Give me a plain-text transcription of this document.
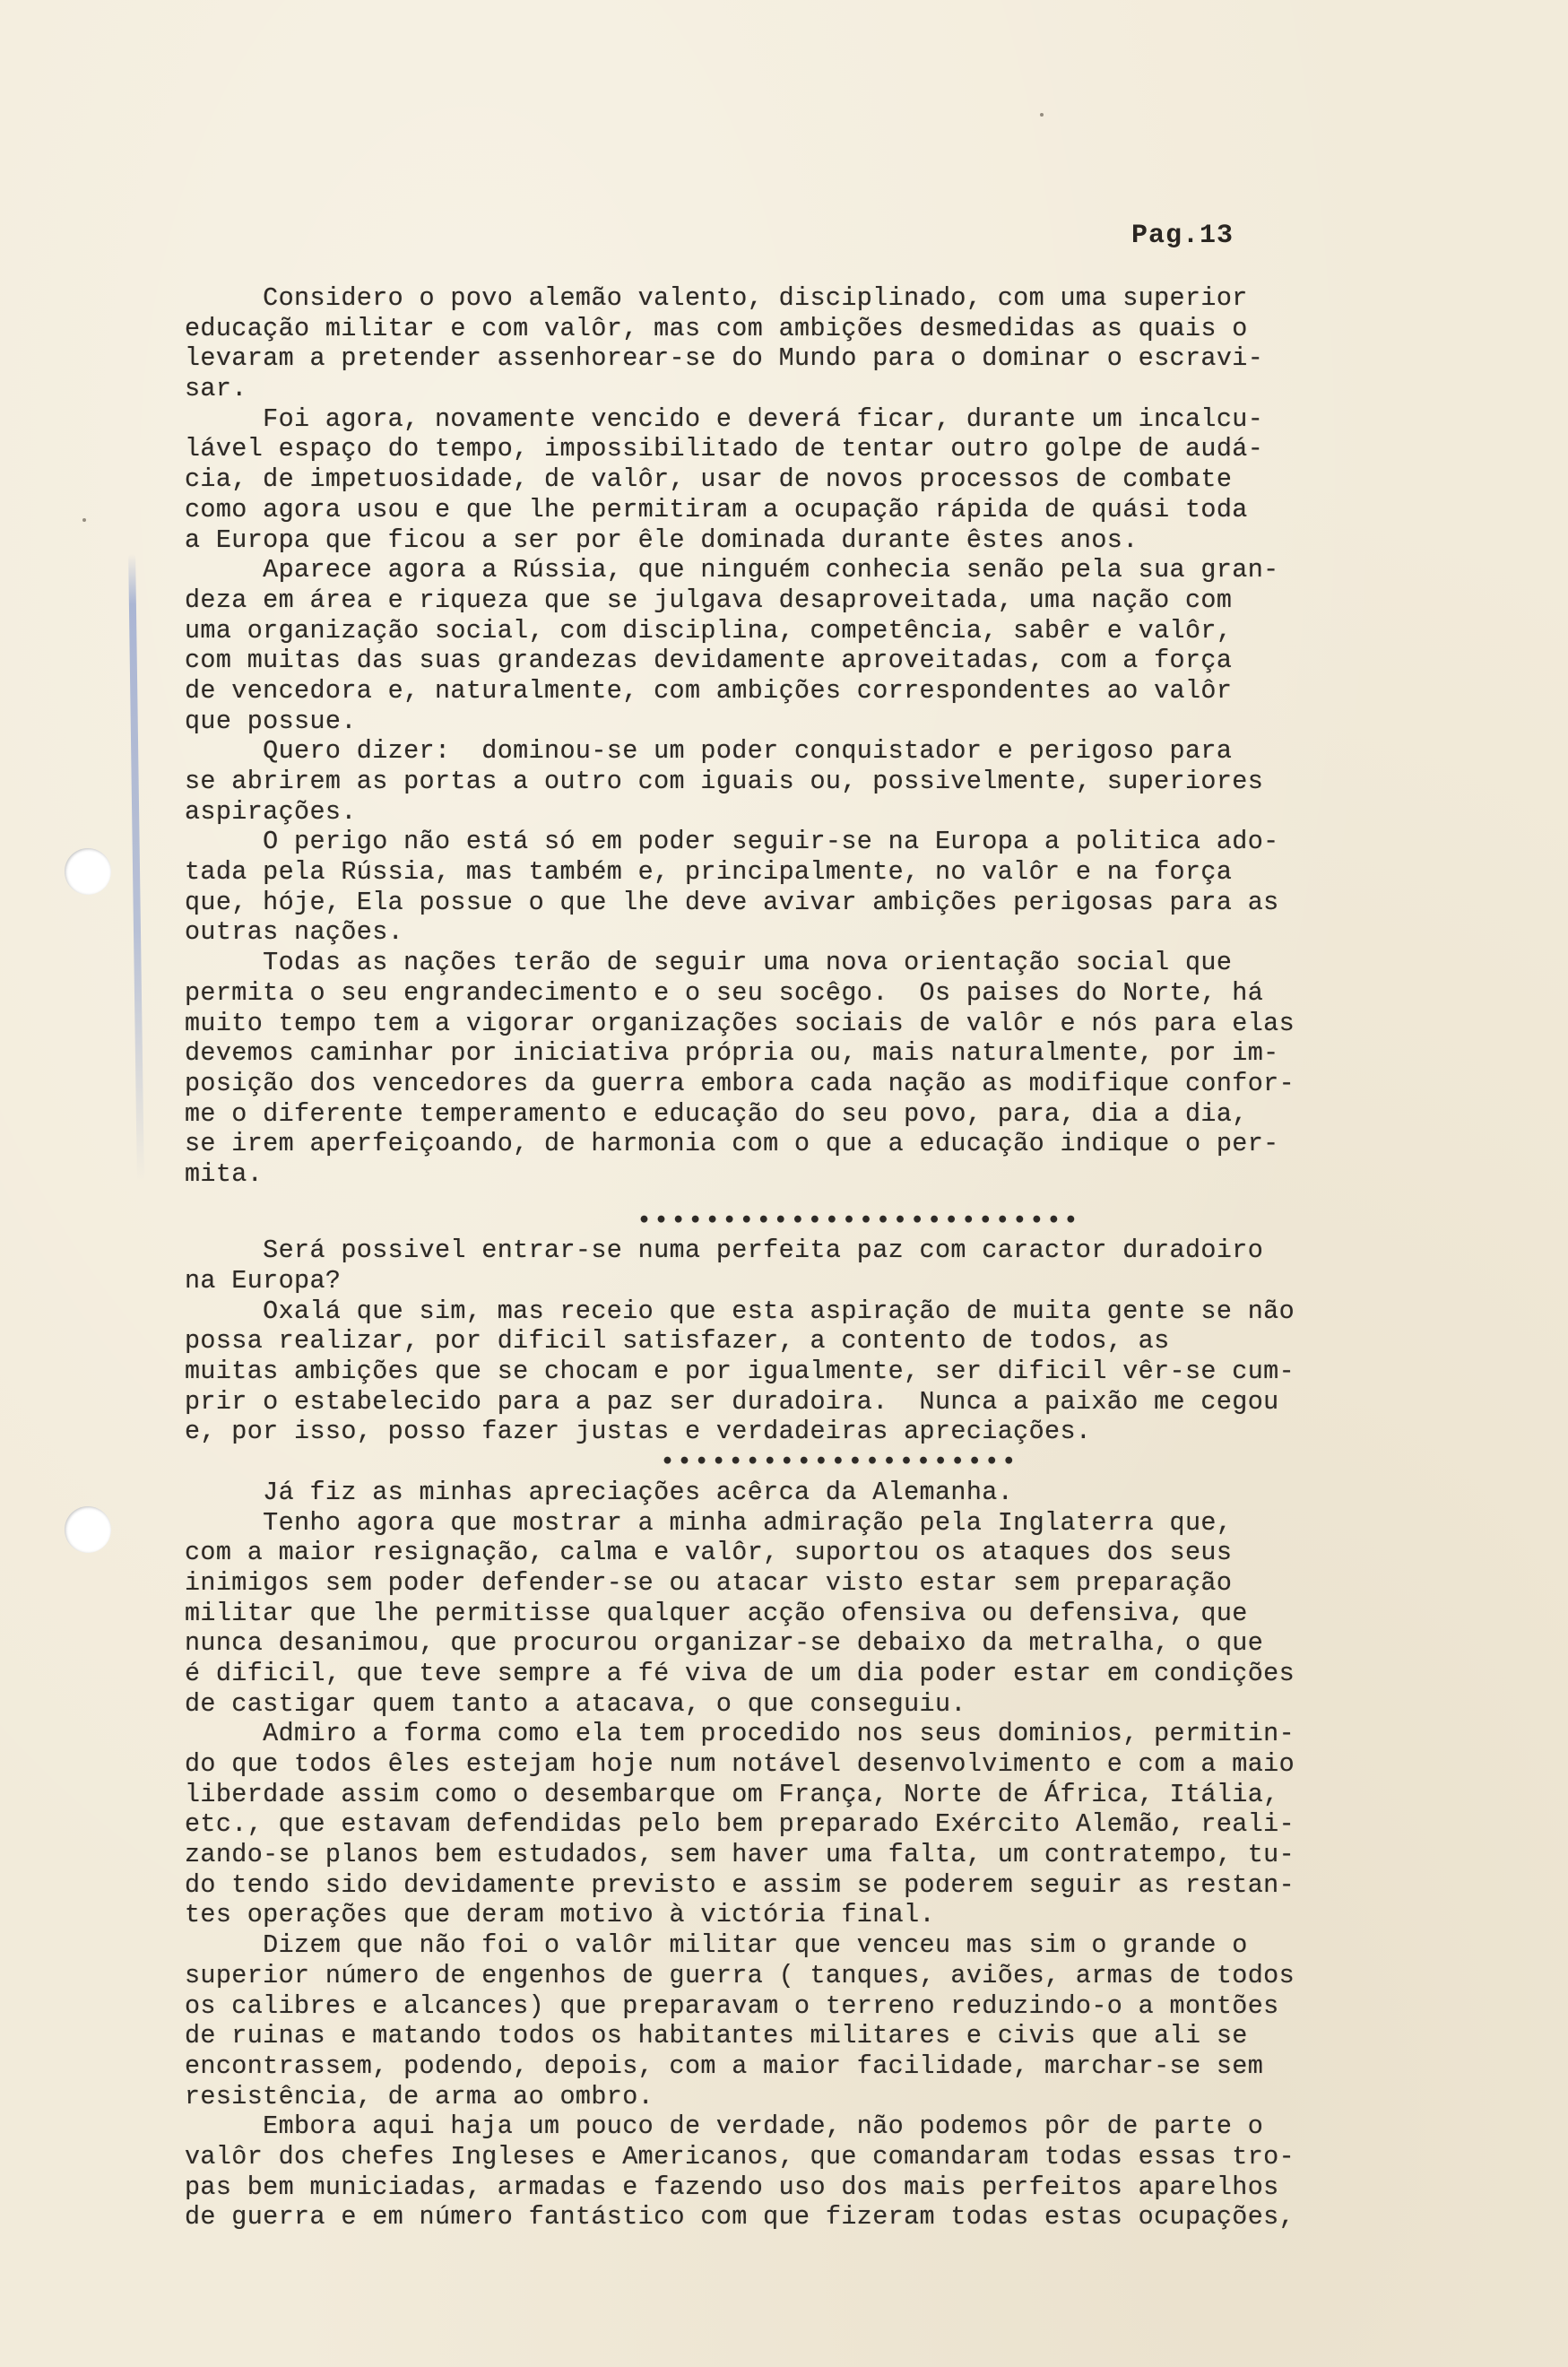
Pag.13
Considero o povo alemão valento, disciplinado, com uma superior
educação militar e com valôr, mas com ambições desmedidas as quais o
levaram a pretender assenhorear-se do Mundo para o dominar o escravi-
sar.
Foi agora, novamente vencido e deverá ficar, durante um incalcu-
lável espaço do tempo, impossibilitado de tentar outro golpe de audá-
cia, de impetuosidade, de valôr, usar de novos processos de combate
como agora usou e que lhe permitiram a ocupação rápida de quási toda
a Europa que ficou a ser por êle dominada durante êstes anos.
Aparece agora a Rússia, que ninguém conhecia senão pela sua gran-
deza em área e riqueza que se julgava desaproveitada, uma nação com
uma organização social, com disciplina, competência, sabêr e valôr,
com muitas das suas grandezas devidamente aproveitadas, com a força
de vencedora e, naturalmente, com ambições correspondentes ao valôr
que possue.
Quero dizer:  dominou-se um poder conquistador e perigoso para
se abrirem as portas a outro com iguais ou, possivelmente, superiores
aspirações.
O perigo não está só em poder seguir-se na Europa a politica ado-
tada pela Rússia, mas também e, principalmente, no valôr e na força
que, hóje, Ela possue o que lhe deve avivar ambições perigosas para as
outras nações.
Todas as nações terão de seguir uma nova orientação social que
permita o seu engrandecimento e o seu socêgo.  Os paises do Norte, há
muito tempo tem a vigorar organizações sociais de valôr e nós para elas
devemos caminhar por iniciativa própria ou, mais naturalmente, por im-
posição dos vencedores da guerra embora cada nação as modifique confor-
me o diferente temperamento e educação do seu povo, para, dia a dia,
se irem aperfeiçoando, de harmonia com o que a educação indique o per-
mita.
••••••••••••••••••••••••••
Será possivel entrar-se numa perfeita paz com caractor duradoiro
na Europa?
Oxalá que sim, mas receio que esta aspiração de muita gente se não
possa realizar, por dificil satisfazer, a contento de todos, as
muitas ambições que se chocam e por igualmente, ser dificil vêr-se cum-
prir o estabelecido para a paz ser duradoira.  Nunca a paixão me cegou
e, por isso, posso fazer justas e verdadeiras apreciações.
•••••••••••••••••••••
Já fiz as minhas apreciações acêrca da Alemanha.
Tenho agora que mostrar a minha admiração pela Inglaterra que,
com a maior resignação, calma e valôr, suportou os ataques dos seus
inimigos sem poder defender-se ou atacar visto estar sem preparação
militar que lhe permitisse qualquer acção ofensiva ou defensiva, que
nunca desanimou, que procurou organizar-se debaixo da metralha, o que
é dificil, que teve sempre a fé viva de um dia poder estar em condições
de castigar quem tanto a atacava, o que conseguiu.
Admiro a forma como ela tem procedido nos seus dominios, permitin-
do que todos êles estejam hoje num notável desenvolvimento e com a maio
liberdade assim como o desembarque om França, Norte de África, Itália,
etc., que estavam defendidas pelo bem preparado Exército Alemão, reali-
zando-se planos bem estudados, sem haver uma falta, um contratempo, tu-
do tendo sido devidamente previsto e assim se poderem seguir as restan-
tes operações que deram motivo à victória final.
Dizem que não foi o valôr militar que venceu mas sim o grande o
superior número de engenhos de guerra ( tanques, aviões, armas de todos
os calibres e alcances) que preparavam o terreno reduzindo-o a montões
de ruinas e matando todos os habitantes militares e civis que ali se
encontrassem, podendo, depois, com a maior facilidade, marchar-se sem
resistência, de arma ao ombro.
Embora aqui haja um pouco de verdade, não podemos pôr de parte o
valôr dos chefes Ingleses e Americanos, que comandaram todas essas tro-
pas bem municiadas, armadas e fazendo uso dos mais perfeitos aparelhos
de guerra e em número fantástico com que fizeram todas estas ocupações,
